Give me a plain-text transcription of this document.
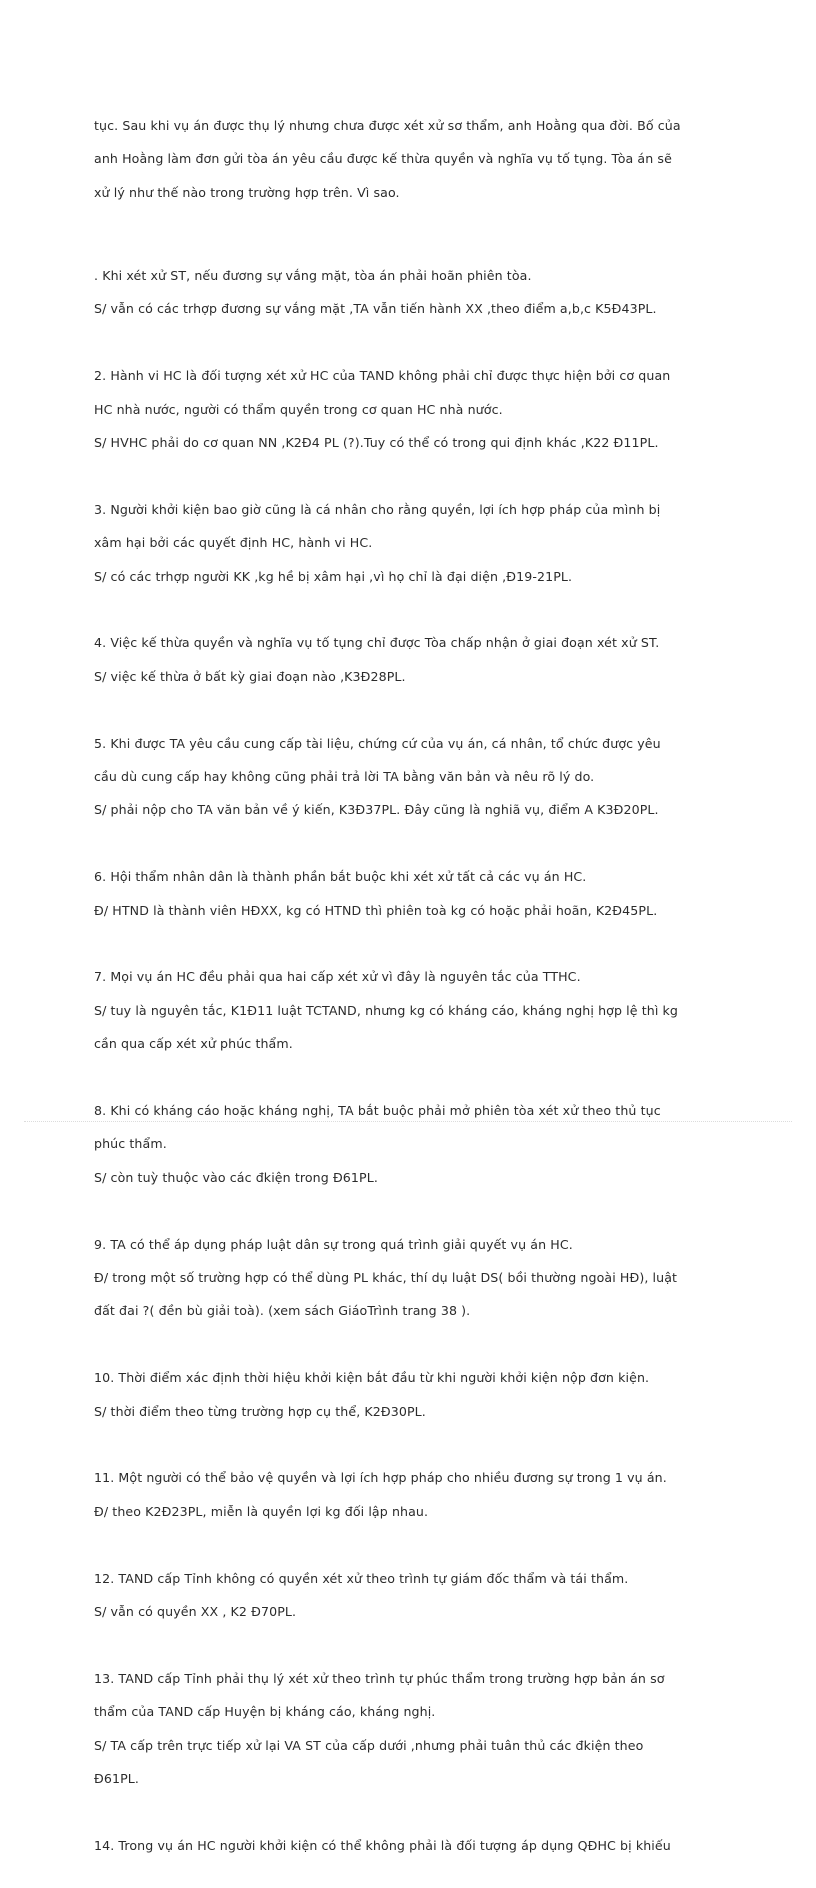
tục. Sau khi vụ án được thụ lý nhưng chưa được xét xử sơ thẩm, anh Hoằng qua đời. Bố của

anh Hoằng làm đơn gửi tòa án yêu cầu được kế thừa quyền và nghĩa vụ tố tụng. Tòa án sẽ

xử lý như thế nào trong trường hợp trên. Vì sao.

. Khi xét xử ST, nếu đương sự vắng mặt, tòa án phải hoãn phiên tòa.

S/ vẫn có các trhợp đương sự vắng mặt ,TA vẫn tiến hành XX ,theo điểm a,b,c K5Đ43PL.

2. Hành vi HC là đối tượng xét xử HC của TAND không phải chỉ được thực hiện bởi cơ quan

HC nhà nước, người có thẩm quyền trong cơ quan HC nhà nước.

S/ HVHC phải do cơ quan NN ,K2Đ4 PL (?).Tuy có thể có trong qui định khác ,K22 Đ11PL.

3. Người khởi kiện bao giờ cũng là cá nhân cho rằng quyền, lợi ích hợp pháp của mình bị

xâm hại bởi các quyết định HC, hành vi HC.

S/ có các trhợp người KK ,kg hề bị xâm hại ,vì họ chỉ là đại diện ,Đ19-21PL.

4. Việc kế thừa quyền và nghĩa vụ tố tụng chỉ được Tòa chấp nhận ở giai đoạn xét xử ST.

S/ việc kế thừa ở bất kỳ giai đoạn nào ,K3Đ28PL.

5. Khi được TA yêu cầu cung cấp tài liệu, chứng cứ của vụ án, cá nhân, tổ chức được yêu

cầu dù cung cấp hay không cũng phải trả lời TA bằng văn bản và nêu rõ lý do.

S/ phải nộp cho TA văn bản về ý kiến, K3Đ37PL. Đây cũng là nghiã vụ, điểm A K3Đ20PL.

6. Hội thẩm nhân dân là thành phần bắt buộc khi xét xử tất cả các vụ án HC.

Đ/ HTND là thành viên HĐXX, kg có HTND thì phiên toà kg có hoặc phải hoãn, K2Đ45PL.

7. Mọi vụ án HC đều phải qua hai cấp xét xử vì đây là nguyên tắc của TTHC.

S/ tuy là nguyên tắc, K1Đ11 luật TCTAND, nhưng kg có kháng cáo, kháng nghị hợp lệ thì kg

cần qua cấp xét xử phúc thẩm.

8. Khi có kháng cáo hoặc kháng nghị, TA bắt buộc phải mở phiên tòa xét xử theo thủ tục

phúc thẩm.

S/ còn tuỳ thuộc vào các đkiện trong Đ61PL.

9. TA có thể áp dụng pháp luật dân sự trong quá trình giải quyết vụ án HC.

Đ/ trong một số trường hợp có thể dùng PL khác, thí dụ luật DS( bồi thường ngoài HĐ), luật

đất đai ?( đền bù giải toà). (xem sách GiáoTrình trang 38 ).

10. Thời điểm xác định thời hiệu khởi kiện bắt đầu từ khi người khởi kiện nộp đơn kiện.

S/ thời điểm theo từng trường hợp cụ thể, K2Đ30PL.

11. Một người có thể bảo vệ quyền và lợi ích hợp pháp cho nhiều đương sự trong 1 vụ án.

Đ/ theo K2Đ23PL, miễn là quyền lợi kg đối lập nhau.

12. TAND cấp Tỉnh không có quyền xét xử theo trình tự giám đốc thẩm và tái thẩm.

S/ vẫn có quyền XX , K2 Đ70PL.

13. TAND cấp Tỉnh phải thụ lý xét xử theo trình tự phúc thẩm trong trường hợp bản án sơ

thẩm của TAND cấp Huyện bị kháng cáo, kháng nghị.

S/ TA cấp trên trực tiếp xử lại VA ST của cấp dưới ,nhưng phải tuân thủ các đkiện theo

Đ61PL.

14. Trong vụ án HC người khởi kiện có thể không phải là đối tượng áp dụng QĐHC bị khiếu
